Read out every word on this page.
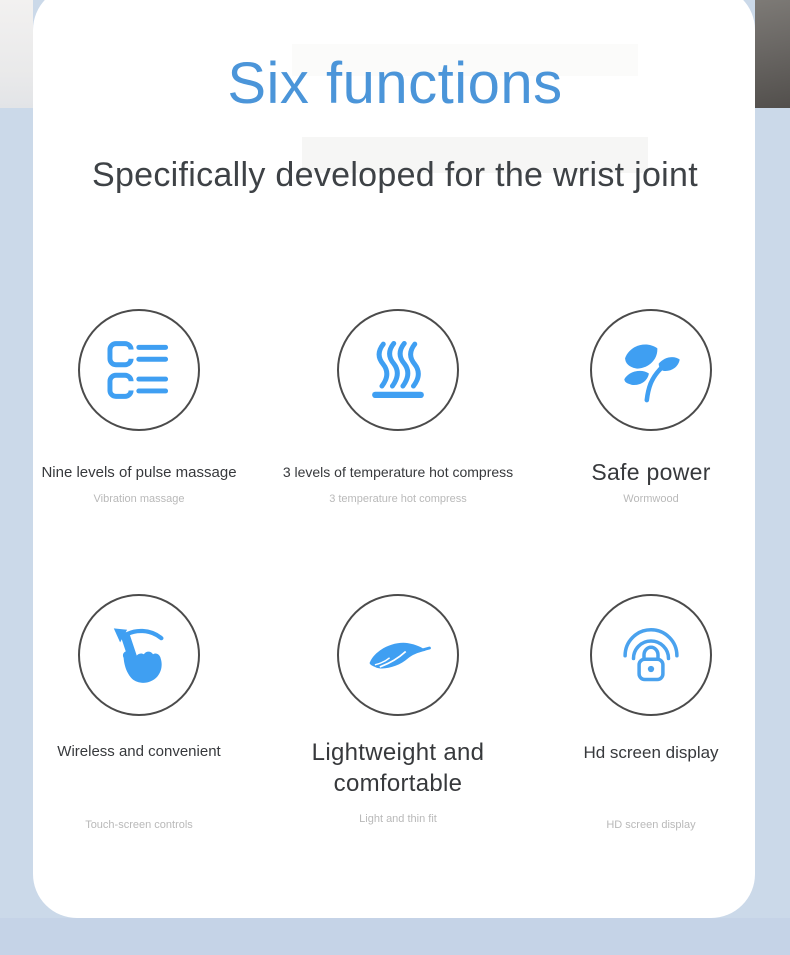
Six functions
Specifically developed for the wrist joint
Nine levels of pulse massage
Vibration massage
3 levels of temperature hot compress
3 temperature hot compress
Safe power
Wormwood
Wireless and convenient
Touch-screen controls
Lightweight and comfortable
Light and thin fit
Hd screen display
HD screen display
